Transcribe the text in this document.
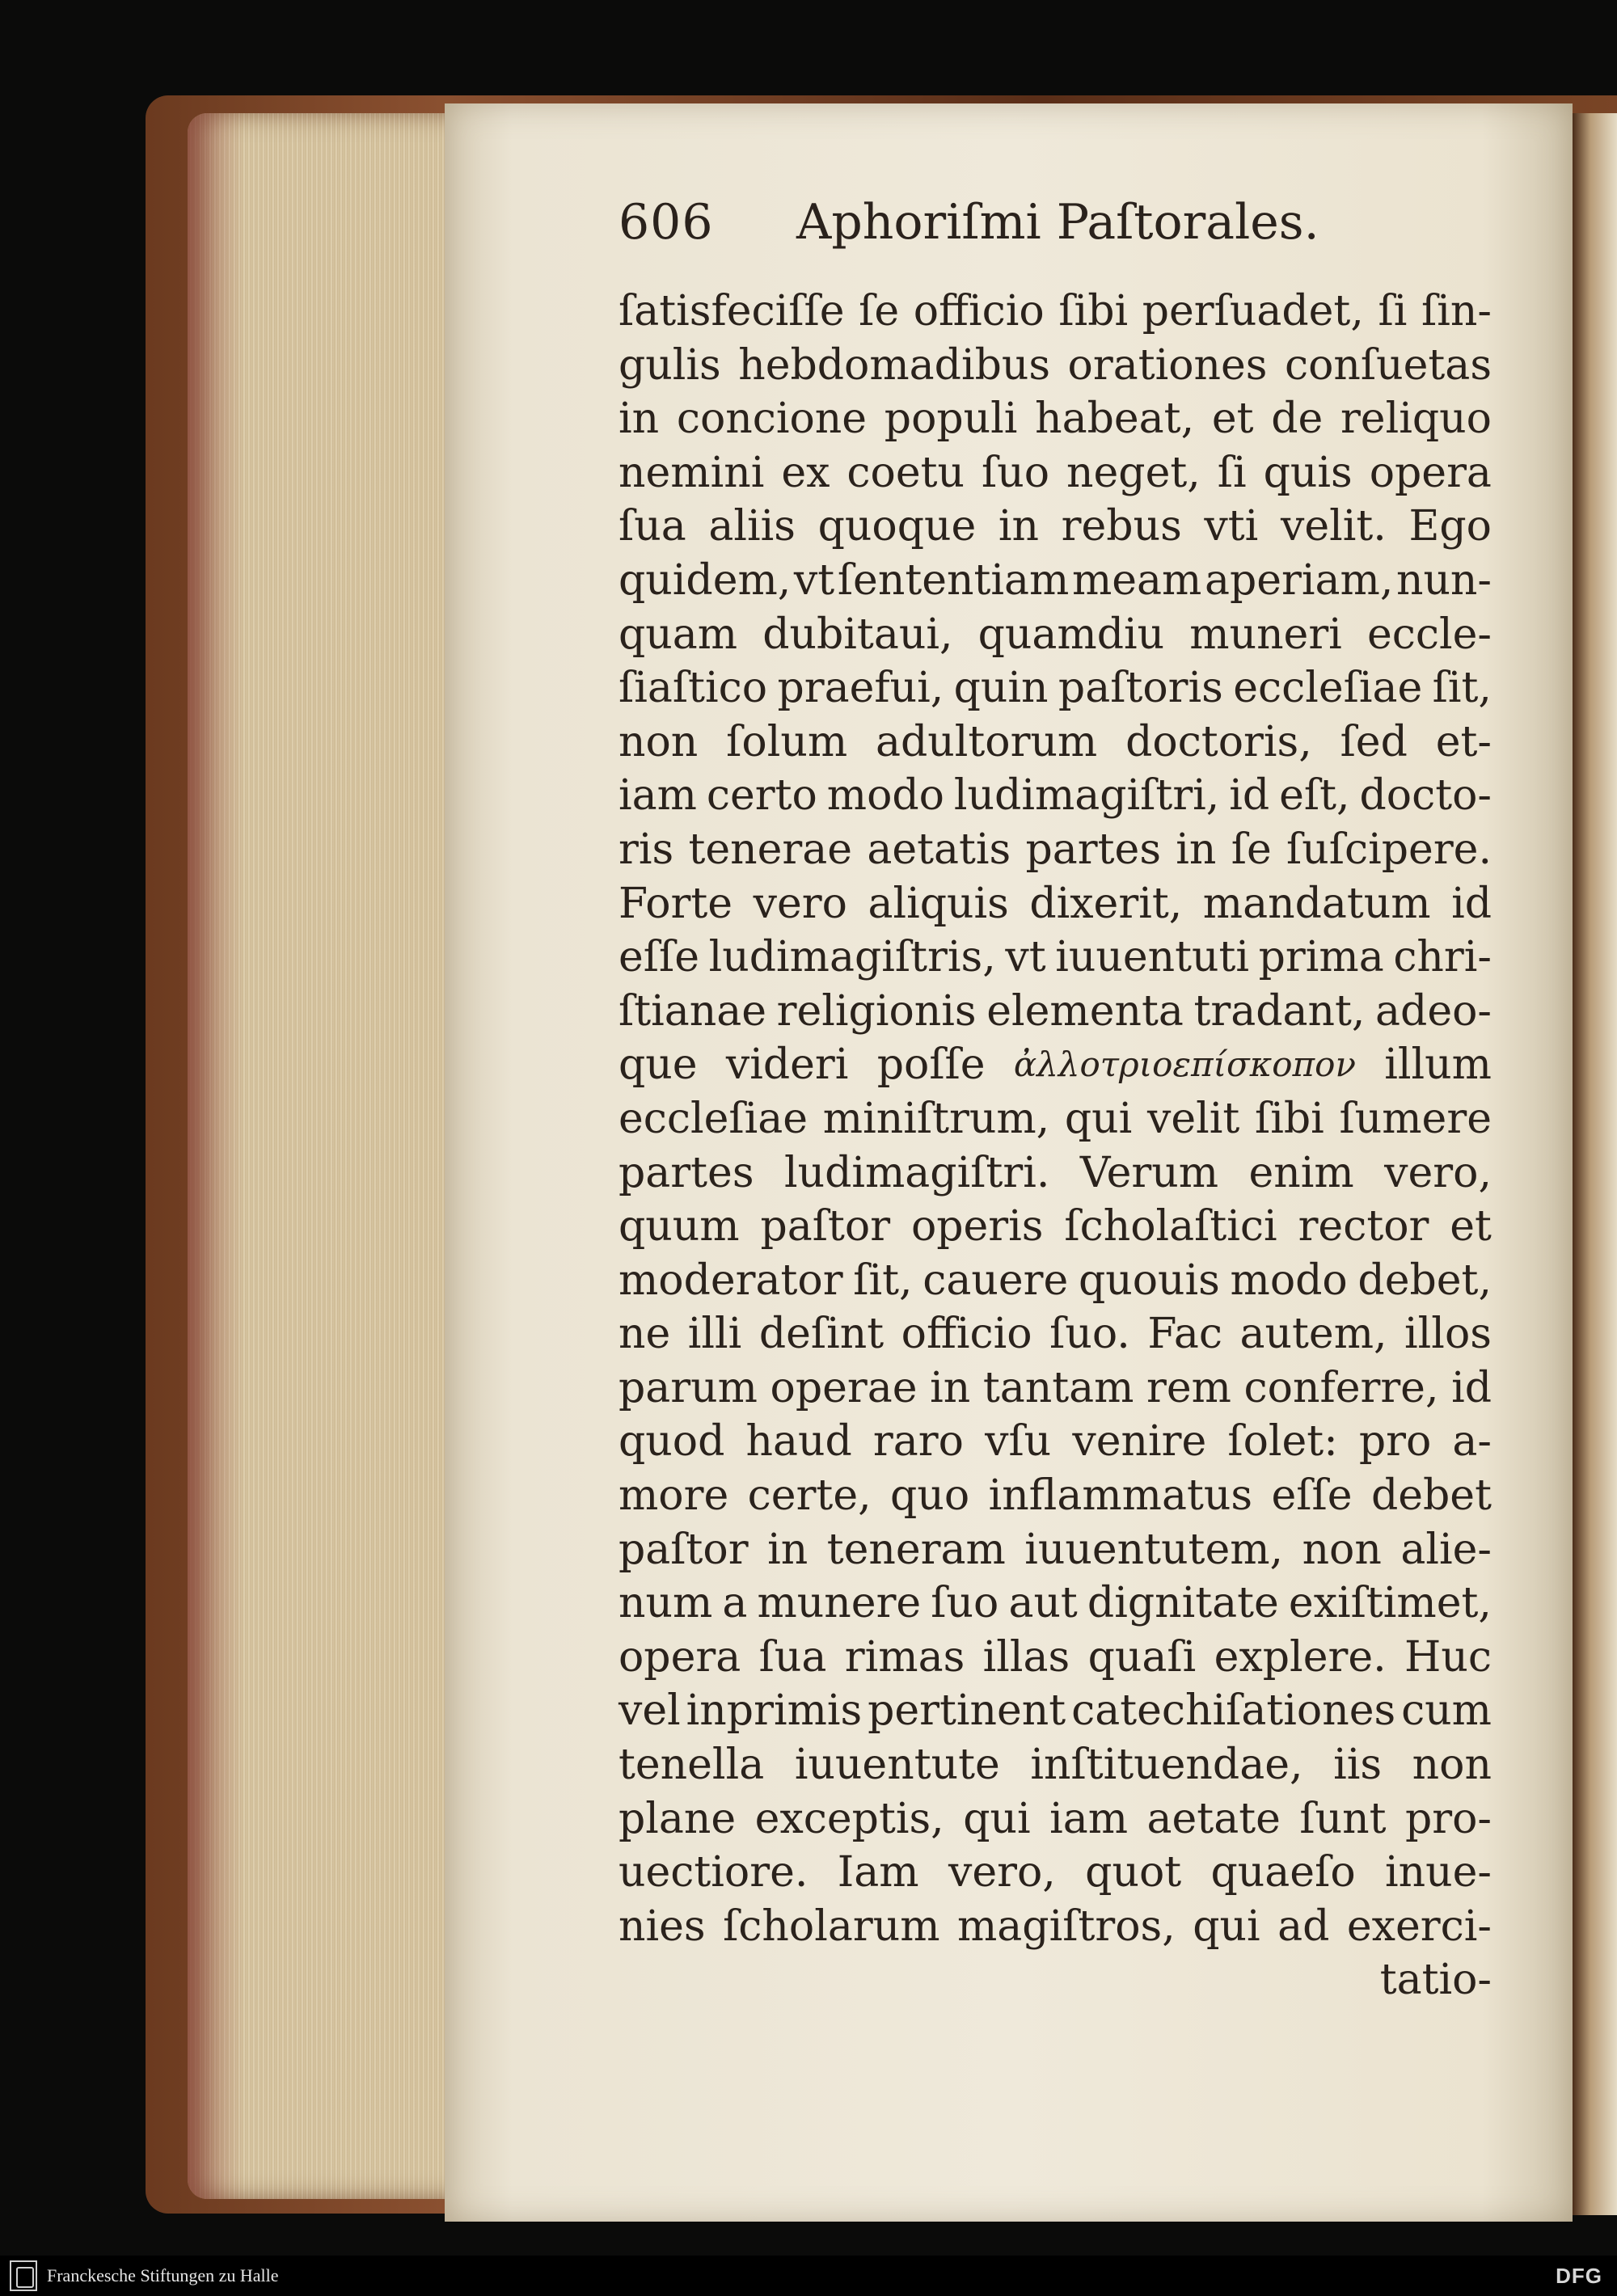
606	Aphoriſmi Paſtorales.
ſatisfeciſſe ſe officio ſibi perſuadet, ſi ſin-
gulis hebdomadibus orationes conſuetas
in concione populi habeat, et de reliquo
nemini ex coetu ſuo neget, ſi quis opera
ſua aliis quoque in rebus vti velit. Ego
quidem, vt ſententiam meam aperiam, nun-
quam dubitaui, quamdiu muneri eccle-
ſiaſtico praefui, quin paſtoris eccleſiae ſit,
non ſolum adultorum doctoris, ſed et-
iam certo modo ludimagiſtri, id eſt, docto-
ris tenerae aetatis partes in ſe ſuſcipere.
Forte vero aliquis dixerit, mandatum id
eſſe ludimagiſtris, vt iuuentuti prima chri-
ſtianae religionis elementa tradant, adeo-
que videri poſſe ἀλλοτριοεπίσκοπον illum
eccleſiae miniſtrum, qui velit ſibi ſumere
partes ludimagiſtri. Verum enim vero,
quum paſtor operis ſcholaſtici rector et
moderator ſit, cauere quouis modo debet,
ne illi deſint officio ſuo. Fac autem, illos
parum operae in tantam rem conferre, id
quod haud raro vſu venire ſolet: pro a-
more certe, quo inflammatus eſſe debet
paſtor in teneram iuuentutem, non alie-
num a munere ſuo aut dignitate exiſtimet,
opera ſua rimas illas quaſi explere. Huc
vel inprimis pertinent catechiſationes cum
tenella iuuentute inſtituendae, iis non
plane exceptis, qui iam aetate ſunt pro-
uectiore. Iam vero, quot quaeſo inue-
nies ſcholarum magiſtros, qui ad exerci-
tatio-
Franckesche Stiftungen zu Halle	DFG
